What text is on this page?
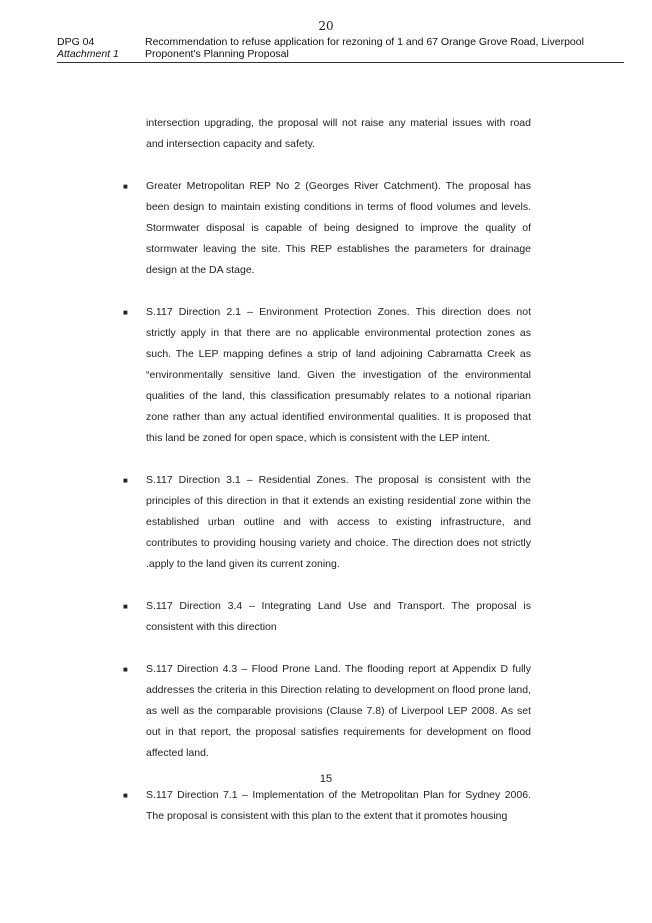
20
DPG 04
Attachment 1
Recommendation to refuse application for rezoning of 1 and 67 Orange Grove Road, Liverpool
Proponent's Planning Proposal

intersection upgrading, the proposal will not raise any material issues with road and intersection capacity and safety.

■	Greater Metropolitan REP No 2 (Georges River Catchment). The proposal has been design to maintain existing conditions in terms of flood volumes and levels. Stormwater disposal is capable of being designed to improve the quality of stormwater leaving the site. This REP establishes the parameters for drainage design at the DA stage.
■	S.117 Direction 2.1 – Environment Protection Zones. This direction does not strictly apply in that there are no applicable environmental protection zones as such. The LEP mapping defines a strip of land adjoining Cabramatta Creek as “environmentally sensitive land. Given the investigation of the environmental qualities of the land, this classification presumably relates to a notional riparian zone rather than any actual identified environmental qualities. It is proposed that this land be zoned for open space, which is consistent with the LEP intent.
■	S.117 Direction 3.1 – Residential Zones. The proposal is consistent with the principles of this direction in that it extends an existing residential zone within the established urban outline and with access to existing infrastructure, and contributes to providing housing variety and choice. The direction does not strictly .apply to the land given its current zoning.
■	S.117 Direction 3.4 – Integrating Land Use and Transport. The proposal is consistent with this direction
■	S.117 Direction 4.3 – Flood Prone Land. The flooding report at Appendix D fully addresses the criteria in this Direction relating to development on flood prone land, as well as the comparable provisions (Clause 7.8) of Liverpool LEP 2008. As set out in that report, the proposal satisfies requirements for development on flood affected land.
■	S.117 Direction 7.1 – Implementation of the Metropolitan Plan for Sydney 2006. The proposal is consistent with this plan to the extent that it promotes housing
15
